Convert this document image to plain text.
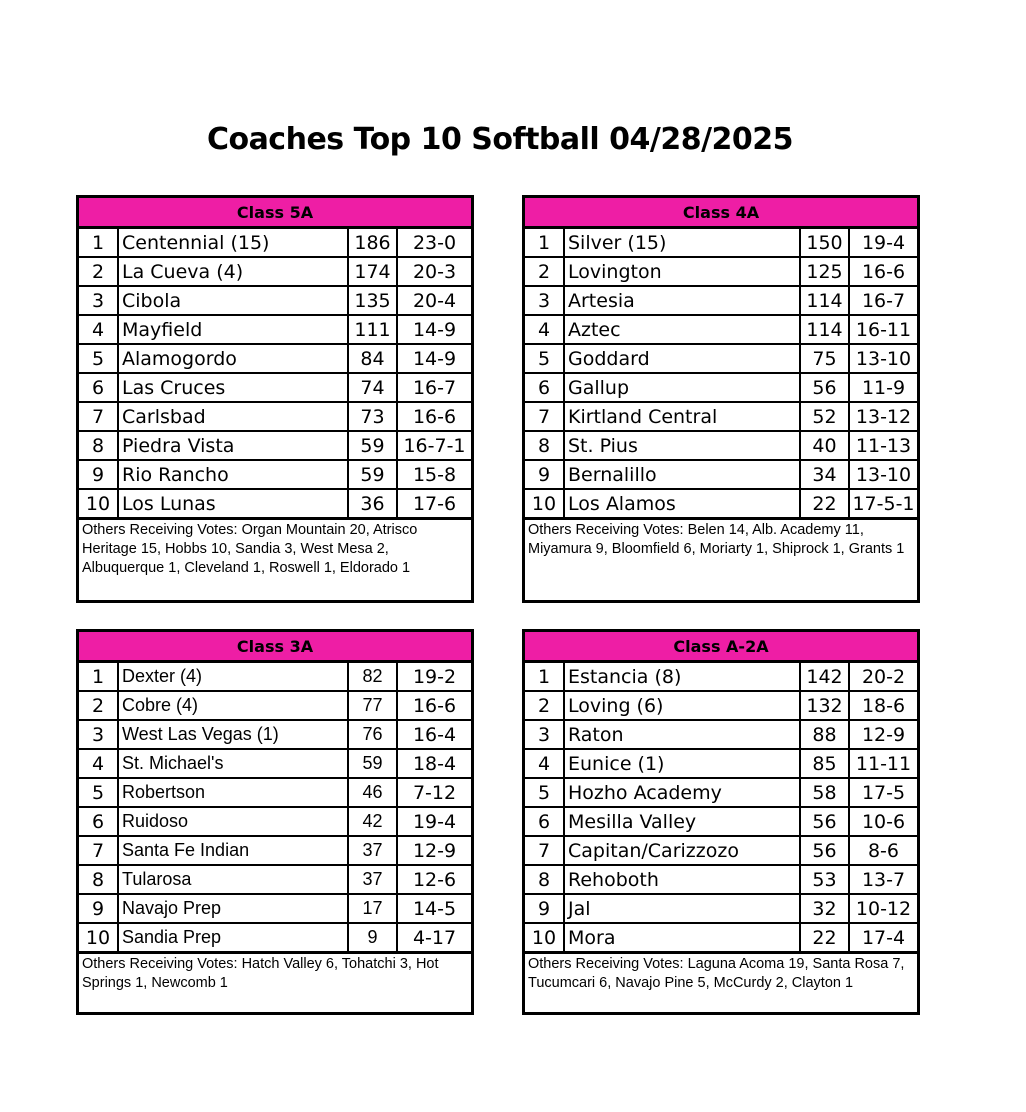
Coaches Top 10 Softball 04/28/2025
Class 5A
1	Centennial (15)	186	23-0
2	La Cueva (4)	174	20-3
3	Cibola	135	20-4
4	Mayfield	111	14-9
5	Alamogordo	84	14-9
6	Las Cruces	74	16-7
7	Carlsbad	73	16-6
8	Piedra Vista	59	16-7-1
9	Rio Rancho	59	15-8
10	Los Lunas	36	17-6
Others Receiving Votes: Organ Mountain 20, Atrisco Heritage 15, Hobbs 10, Sandia 3, West Mesa 2, Albuquerque 1, Cleveland 1, Roswell 1, Eldorado 1
Class 4A
1	Silver (15)	150	19-4
2	Lovington	125	16-6
3	Artesia	114	16-7
4	Aztec	114	16-11
5	Goddard	75	13-10
6	Gallup	56	11-9
7	Kirtland Central	52	13-12
8	St. Pius	40	11-13
9	Bernalillo	34	13-10
10	Los Alamos	22	17-5-1
Others Receiving Votes: Belen 14, Alb. Academy 11, Miyamura 9, Bloomfield 6, Moriarty 1, Shiprock 1, Grants 1
Class 3A
1	Dexter (4)	82	19-2
2	Cobre (4)	77	16-6
3	West Las Vegas (1)	76	16-4
4	St. Michael's	59	18-4
5	Robertson	46	7-12
6	Ruidoso	42	19-4
7	Santa Fe Indian	37	12-9
8	Tularosa	37	12-6
9	Navajo Prep	17	14-5
10	Sandia Prep	9	4-17
Others Receiving Votes: Hatch Valley 6, Tohatchi 3, Hot Springs 1, Newcomb 1
Class A-2A
1	Estancia (8)	142	20-2
2	Loving (6)	132	18-6
3	Raton	88	12-9
4	Eunice (1)	85	11-11
5	Hozho Academy	58	17-5
6	Mesilla Valley	56	10-6
7	Capitan/Carizzozo	56	8-6
8	Rehoboth	53	13-7
9	Jal	32	10-12
10	Mora	22	17-4
Others Receiving Votes: Laguna Acoma 19, Santa Rosa 7, Tucumcari 6, Navajo Pine 5, McCurdy 2, Clayton 1
